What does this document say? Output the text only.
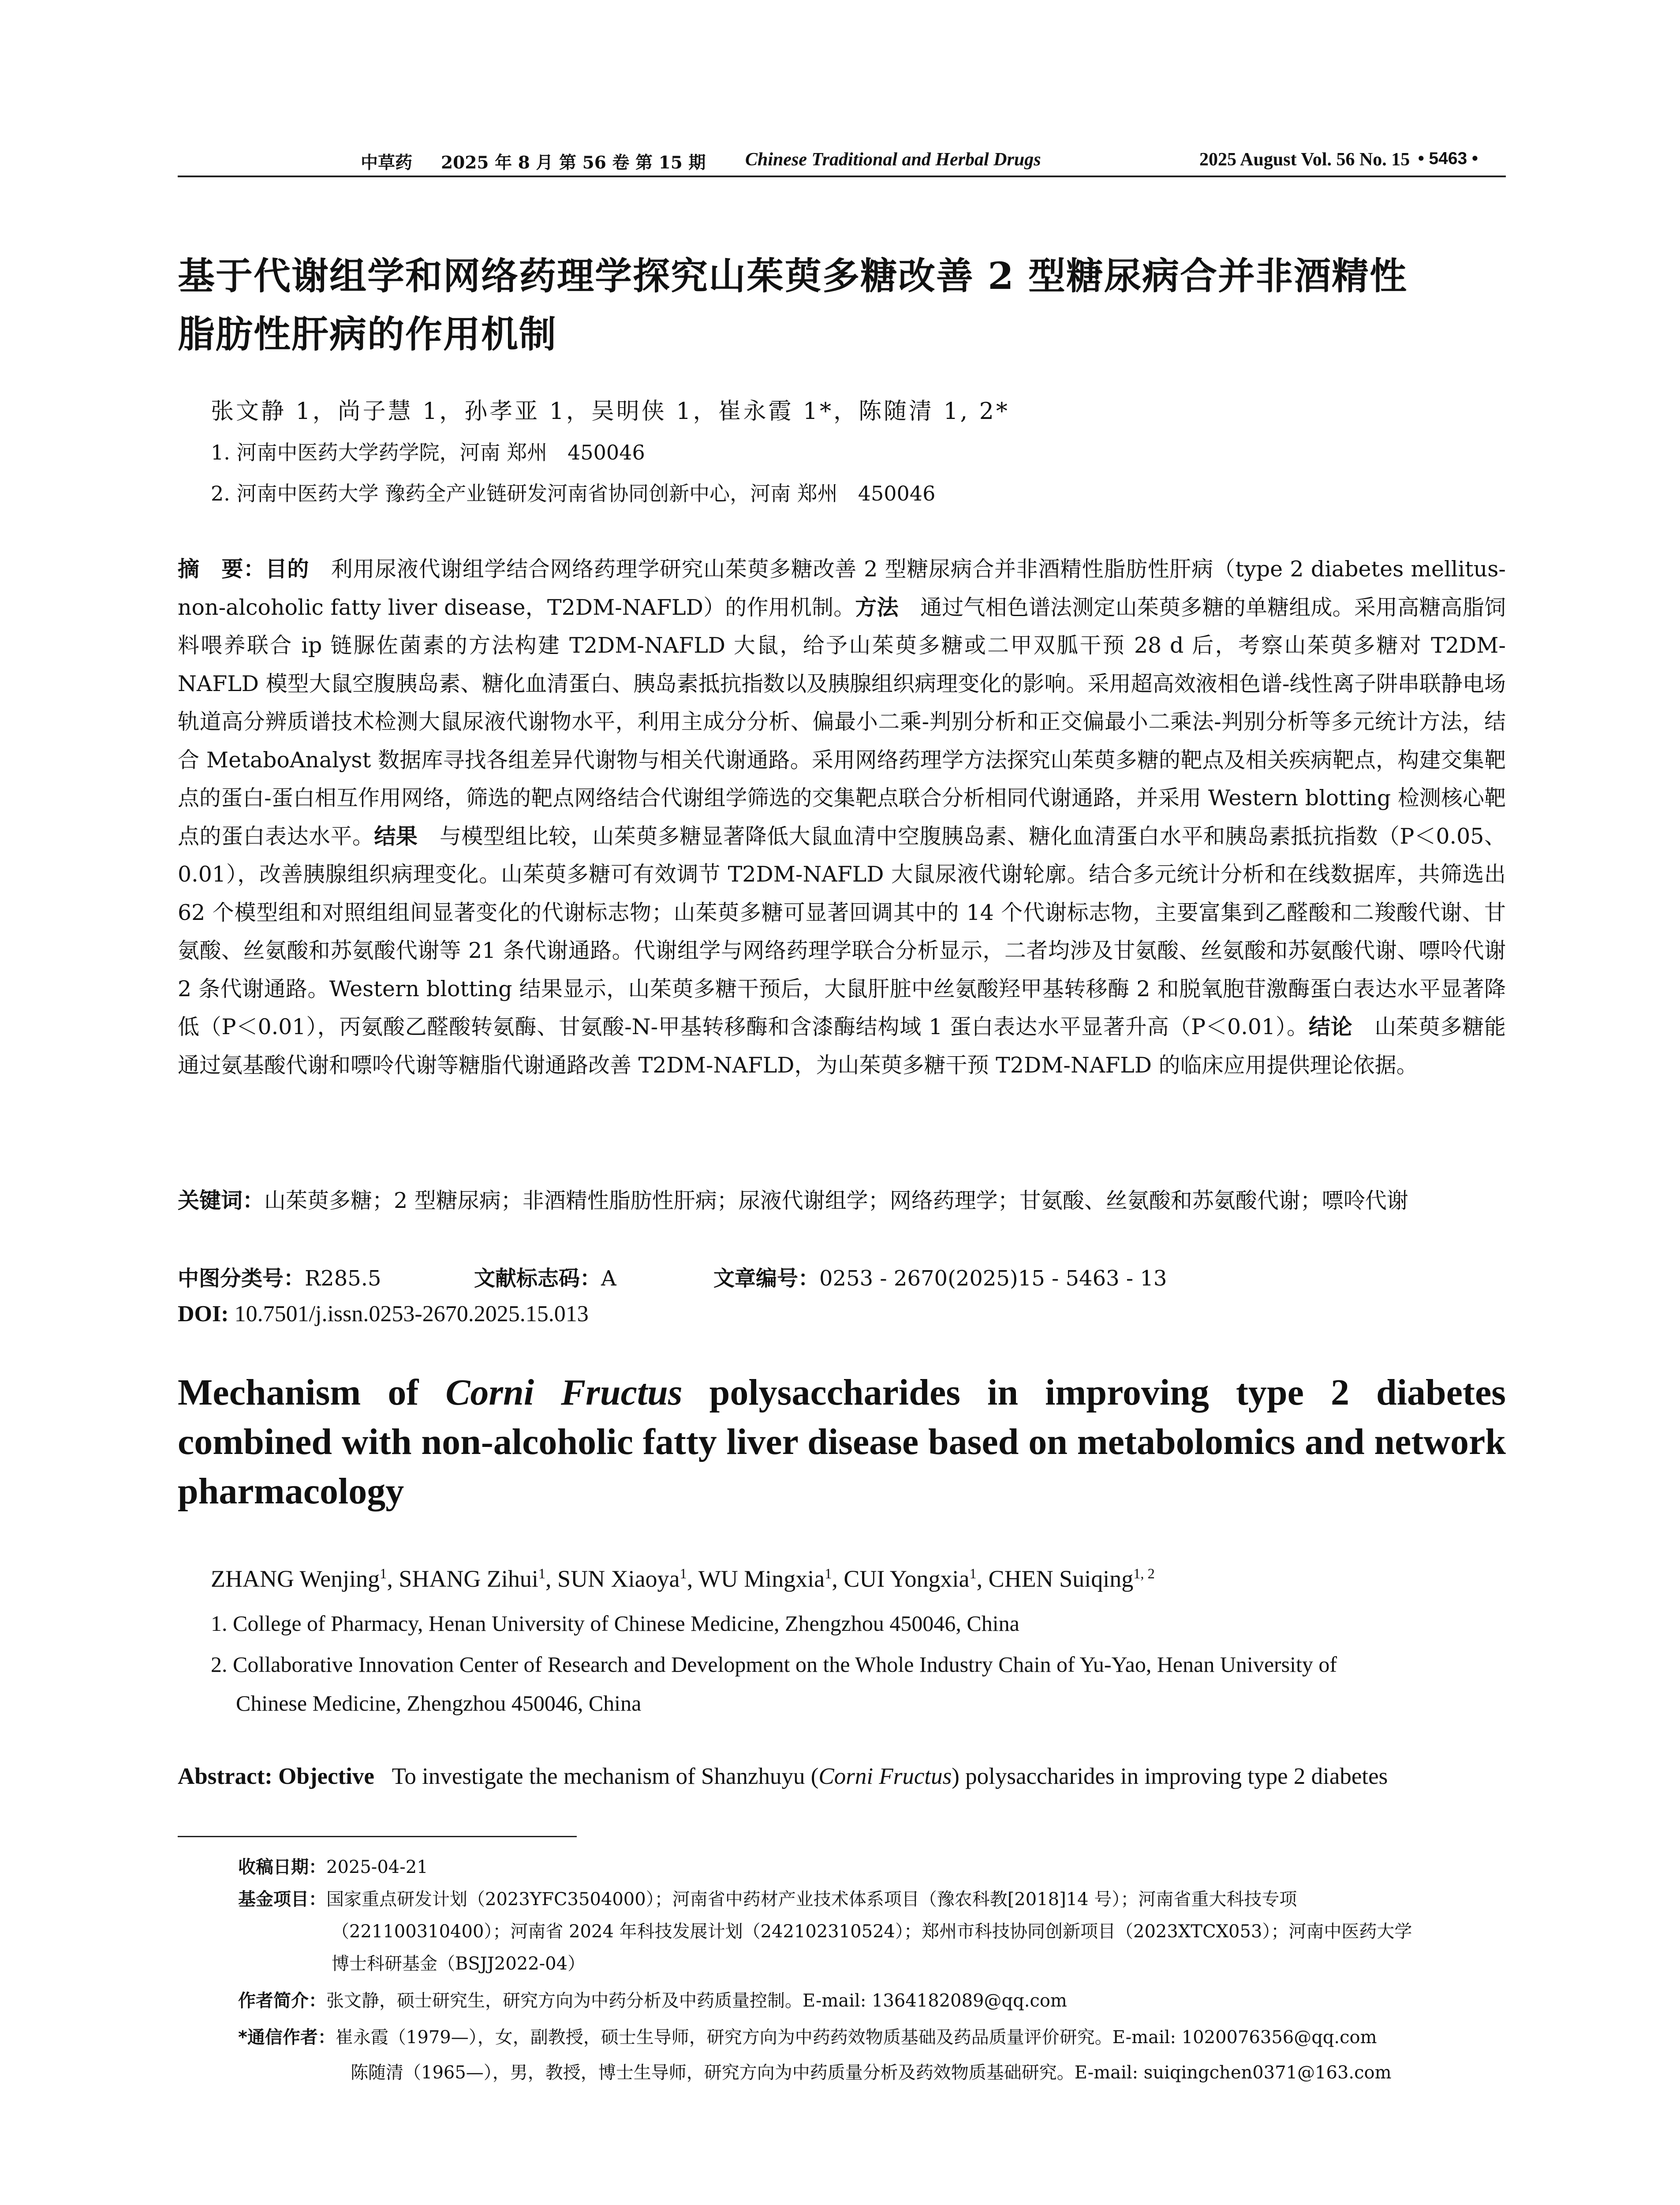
中草药 2025 年 8 月 第 56 卷 第 15 期 Chinese Traditional and Herbal Drugs	2025 August Vol. 56 No. 15 • 5463 •
基于代谢组学和网络药理学探究山茱萸多糖改善 2 型糖尿病合并非酒精性
脂肪性肝病的作用机制
张文静 1，尚子慧 1，孙孝亚 1，吴明侠 1，崔永霞 1*，陈随清 1, 2*
1. 河南中医药大学药学院，河南 郑州　450046
2. 河南中医药大学 豫药全产业链研发河南省协同创新中心，河南 郑州　450046
摘　要：目的　 利用尿液代谢组学结合网络药理学研究山茱萸多糖改善 2 型糖尿病合并非酒精性脂肪性肝病（type 2 diabetes mellitus-non-alcoholic fatty liver disease，T2DM-NAFLD）的作用机制。方法　 通过气相色谱法测定山茱萸多糖的单糖组成。采用高糖高脂饲料喂养联合 ip 链脲佐菌素的方法构建 T2DM-NAFLD 大鼠，给予山茱萸多糖或二甲双胍干预 28 d 后，考察山茱萸多糖对 T2DM-NAFLD 模型大鼠空腹胰岛素、糖化血清蛋白、胰岛素抵抗指数以及胰腺组织病理变化的影响。采用超高效液相色谱-线性离子阱串联静电场轨道高分辨质谱技术检测大鼠尿液代谢物水平，利用主成分分析、偏最小二乘-判别分析和正交偏最小二乘法-判别分析等多元统计方法，结合 MetaboAnalyst 数据库寻找各组差异代谢物与相关代谢通路。采用网络药理学方法探究山茱萸多糖的靶点及相关疾病靶点，构建交集靶点的蛋白-蛋白相互作用网络，筛选的靶点网络结合代谢组学筛选的交集靶点联合分析相同代谢通路，并采用 Western blotting 检测核心靶点的蛋白表达水平。结果　 与模型组比较，山茱萸多糖显著降低大鼠血清中空腹胰岛素、糖化血清蛋白水平和胰岛素抵抗指数（P＜0.05、0.01），改善胰腺组织病理变化。山茱萸多糖可有效调节 T2DM-NAFLD 大鼠尿液代谢轮廓。结合多元统计分析和在线数据库，共筛选出 62 个模型组和对照组组间显著变化的代谢标志物；山茱萸多糖可显著回调其中的 14 个代谢标志物，主要富集到乙醛酸和二羧酸代谢、甘氨酸、丝氨酸和苏氨酸代谢等 21 条代谢通路。代谢组学与网络药理学联合分析显示，二者均涉及甘氨酸、丝氨酸和苏氨酸代谢、嘌呤代谢 2 条代谢通路。Western blotting 结果显示，山茱萸多糖干预后，大鼠肝脏中丝氨酸羟甲基转移酶 2 和脱氧胞苷激酶蛋白表达水平显著降低（P＜0.01），丙氨酸乙醛酸转氨酶、甘氨酸-N-甲基转移酶和含漆酶结构域 1 蛋白表达水平显著升高（P＜0.01）。结论　 山茱萸多糖能通过氨基酸代谢和嘌呤代谢等糖脂代谢通路改善 T2DM-NAFLD，为山茱萸多糖干预 T2DM-NAFLD 的临床应用提供理论依据。
关键词：山茱萸多糖；2 型糖尿病；非酒精性脂肪性肝病；尿液代谢组学；网络药理学；甘氨酸、丝氨酸和苏氨酸代谢；嘌呤代谢
中图分类号：R285.5	文献标志码：A	文章编号：0253 - 2670(2025)15 - 5463 - 13
DOI: 10.7501/j.issn.0253-2670.2025.15.013
Mechanism of Corni Fructus polysaccharides in improving type 2 diabetes combined with non-alcoholic fatty liver disease based on metabolomics and network pharmacology
ZHANG Wenjing$^1$, SHANG Zihui$^1$, SUN Xiaoya$^1$, WU Mingxia$^1$, CUI Yongxia$^1$, CHEN Suiqing$^{1, 2}$
1. College of Pharmacy, Henan University of Chinese Medicine, Zhengzhou 450046, China
2. Collaborative Innovation Center of Research and Development on the Whole Industry Chain of Yu-Yao, Henan University of
Chinese Medicine, Zhengzhou 450046, China
Abstract: Objective To investigate the mechanism of Shanzhuyu (Corni Fructus) polysaccharides in improving type 2 diabetes
收稿日期：2025-04-21
基金项目：国家重点研发计划（2023YFC3504000）；河南省中药材产业技术体系项目（豫农科教[2018]14 号）；河南省重大科技专项
（221100310400）；河南省 2024 年科技发展计划（242102310524）；郑州市科技协同创新项目（2023XTCX053）；河南中医药大学
博士科研基金（BSJJ2022-04）
作者简介：张文静，硕士研究生，研究方向为中药分析及中药质量控制。E-mail: 1364182089@qq.com
*通信作者：崔永霞（1979—），女，副教授，硕士生导师，研究方向为中药药效物质基础及药品质量评价研究。E-mail: 1020076356@qq.com
陈随清（1965—），男，教授，博士生导师，研究方向为中药质量分析及药效物质基础研究。E-mail: suiqingchen0371@163.com
